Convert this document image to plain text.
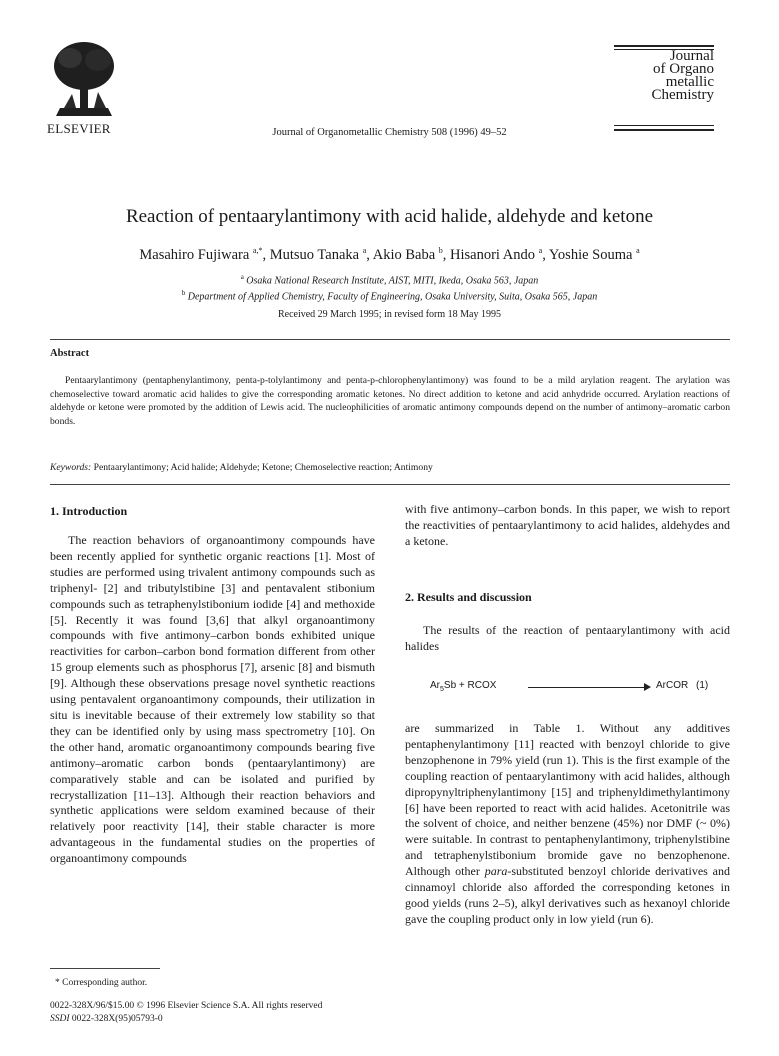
ELSEVIER	Journal of Organometallic Chemistry 508 (1996) 49–52
Journal
of Organo
metallic
Chemistry
Reaction of pentaarylantimony with acid halide, aldehyde and ketone
Masahiro Fujiwara $^{a,*}$, Mutsuo Tanaka $^a$, Akio Baba $^b$, Hisanori Ando $^a$, Yoshie Souma $^a$
$^a$ Osaka National Research Institute, AIST, MITI, Ikeda, Osaka 563, Japan
$^b$ Department of Applied Chemistry, Faculty of Engineering, Osaka University, Suita, Osaka 565, Japan
Received 29 March 1995; in revised form 18 May 1995
Abstract

Pentaarylantimony (pentaphenylantimony, penta-p-tolylantimony and penta-p-chlorophenylantimony) was found to be a mild arylation reagent. The arylation was chemoselective toward aromatic acid halides to give the corresponding aromatic ketones. No direct addition to ketone and acid anhydride occurred. Arylation reactions of aldehyde or ketone were promoted by the addition of Lewis acid. The nucleophilicities of aromatic antimony compounds depend on the number of antimony–aromatic carbon bonds.

Keywords: Pentaarylantimony; Acid halide; Aldehyde; Ketone; Chemoselective reaction; Antimony
1. Introduction

The reaction behaviors of organoantimony compounds have been recently applied for synthetic organic reactions [1]. Most of studies are performed using trivalent antimony compounds such as triphenyl- [2] and tributylstibine [3] and pentavalent stibonium compounds such as tetraphenylstibonium iodide [4] and methoxide [5]. Recently it was found [3,6] that alkyl organoantimony compounds with five antimony–carbon bonds exhibited unique reactivities for carbon–carbon bond formation different from other 15 group elements such as phosphorus [7], arsenic [8] and bismuth [9]. Although these observations presage novel synthetic reactions using pentavalent organoantimony compounds, their utilization in situ is inevitable because of their extremely low stability so that they can be identified only by using mass spectrometry [10]. On the other hand, aromatic organoantimony compounds bearing five antimony–aromatic carbon bonds (pentaarylantimony) are comparatively stable and can be isolated and purified by recrystallization [11–13]. Although their reaction behaviors and synthetic applications were seldom examined because of their relatively poor reactivity [14], their stable character is more advantageous in the fundamental studies on the properties of organoantimony compounds

with five antimony–carbon bonds. In this paper, we wish to report the reactivities of pentaarylantimony to acid halides, aldehydes and a ketone.

2. Results and discussion

The results of the reaction of pentaarylantimony with acid halides

$Ar_5Sb$ + RCOX	ArCOR (1)

are summarized in Table 1. Without any additives pentaphenylantimony [11] reacted with benzoyl chloride to give benzophenone in 79% yield (run 1). This is the first example of the coupling reaction of pentaarylantimony with acid halides, although dipropynyltriphenylantimony [15] and triphenyldimethylantimony [6] have been reported to react with acid halides. Acetonitrile was the solvent of choice, and neither benzene (45%) nor DMF (~ 0%) were suitable. In contrast to pentaphenylantimony, triphenylstibine and tetraphenylstibonium bromide gave no benzophenone. Although other para-substituted benzoyl chloride derivatives and cinnamoyl chloride also afforded the corresponding ketones in good yields (runs 2–5), alkyl derivatives such as hexanoyl chloride gave the coupling product only in low yield (run 6).

* Corresponding author.
0022-328X/96/$15.00 © 1996 Elsevier Science S.A. All rights reserved
SSDI 0022-328X(95)05793-0
